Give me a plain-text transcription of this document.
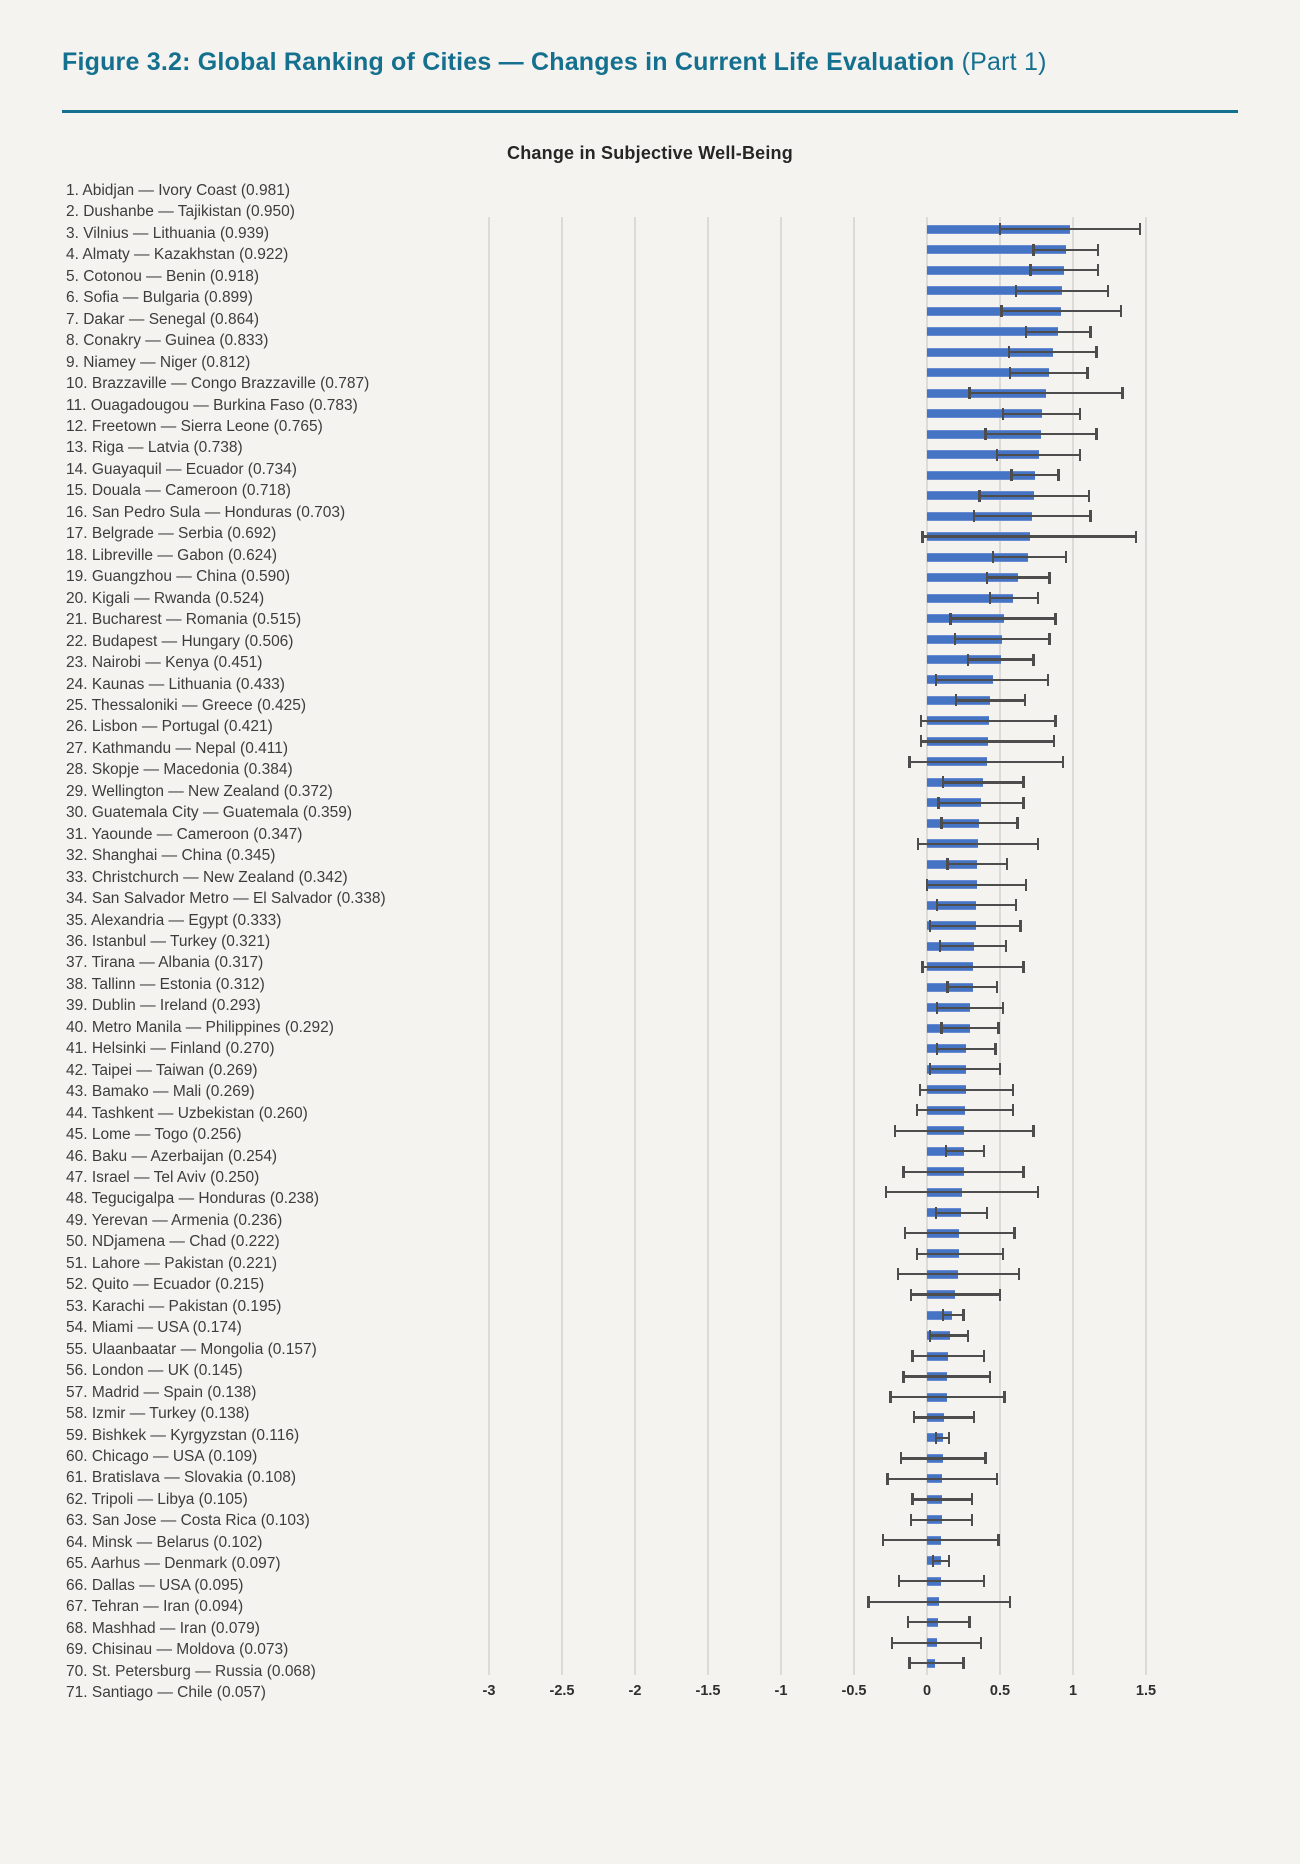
Figure 3.2: Global Ranking of Cities — Changes in Current Life Evaluation (Part 1)
Change in Subjective Well-Being
-3	-2.5	-2	-1.5	-1	-0.5	0	0.5	1	1.5
1. Abidjan — Ivory Coast (0.981)
2. Dushanbe — Tajikistan (0.950)
3. Vilnius — Lithuania (0.939)
4. Almaty — Kazakhstan (0.922)
5. Cotonou — Benin (0.918)
6. Sofia — Bulgaria (0.899)
7. Dakar — Senegal (0.864)
8. Conakry — Guinea (0.833)
9. Niamey — Niger (0.812)
10. Brazzaville — Congo Brazzaville (0.787)
11. Ouagadougou — Burkina Faso (0.783)
12. Freetown — Sierra Leone (0.765)
13. Riga — Latvia (0.738)
14. Guayaquil — Ecuador (0.734)
15. Douala — Cameroon (0.718)
16. San Pedro Sula — Honduras (0.703)
17. Belgrade — Serbia (0.692)
18. Libreville — Gabon (0.624)
19. Guangzhou — China (0.590)
20. Kigali — Rwanda (0.524)
21. Bucharest — Romania (0.515)
22. Budapest — Hungary (0.506)
23. Nairobi — Kenya (0.451)
24. Kaunas — Lithuania (0.433)
25. Thessaloniki — Greece (0.425)
26. Lisbon — Portugal (0.421)
27. Kathmandu — Nepal (0.411)
28. Skopje — Macedonia (0.384)
29. Wellington — New Zealand (0.372)
30. Guatemala City — Guatemala (0.359)
31. Yaounde — Cameroon (0.347)
32. Shanghai — China (0.345)
33. Christchurch — New Zealand (0.342)
34. San Salvador Metro — El Salvador (0.338)
35. Alexandria — Egypt (0.333)
36. Istanbul — Turkey (0.321)
37. Tirana — Albania (0.317)
38. Tallinn — Estonia (0.312)
39. Dublin — Ireland (0.293)
40. Metro Manila — Philippines (0.292)
41. Helsinki — Finland (0.270)
42. Taipei — Taiwan (0.269)
43. Bamako — Mali (0.269)
44. Tashkent — Uzbekistan (0.260)
45. Lome — Togo (0.256)
46. Baku — Azerbaijan (0.254)
47. Israel — Tel Aviv (0.250)
48. Tegucigalpa — Honduras (0.238)
49. Yerevan — Armenia (0.236)
50. NDjamena — Chad (0.222)
51. Lahore — Pakistan (0.221)
52. Quito — Ecuador (0.215)
53. Karachi — Pakistan (0.195)
54. Miami — USA (0.174)
55. Ulaanbaatar — Mongolia (0.157)
56. London — UK (0.145)
57. Madrid — Spain (0.138)
58. Izmir — Turkey (0.138)
59. Bishkek — Kyrgyzstan (0.116)
60. Chicago — USA (0.109)
61. Bratislava — Slovakia (0.108)
62. Tripoli — Libya (0.105)
63. San Jose — Costa Rica (0.103)
64. Minsk — Belarus (0.102)
65. Aarhus — Denmark (0.097)
66. Dallas — USA (0.095)
67. Tehran — Iran (0.094)
68. Mashhad — Iran (0.079)
69. Chisinau — Moldova (0.073)
70. St. Petersburg — Russia (0.068)
71. Santiago — Chile (0.057)
